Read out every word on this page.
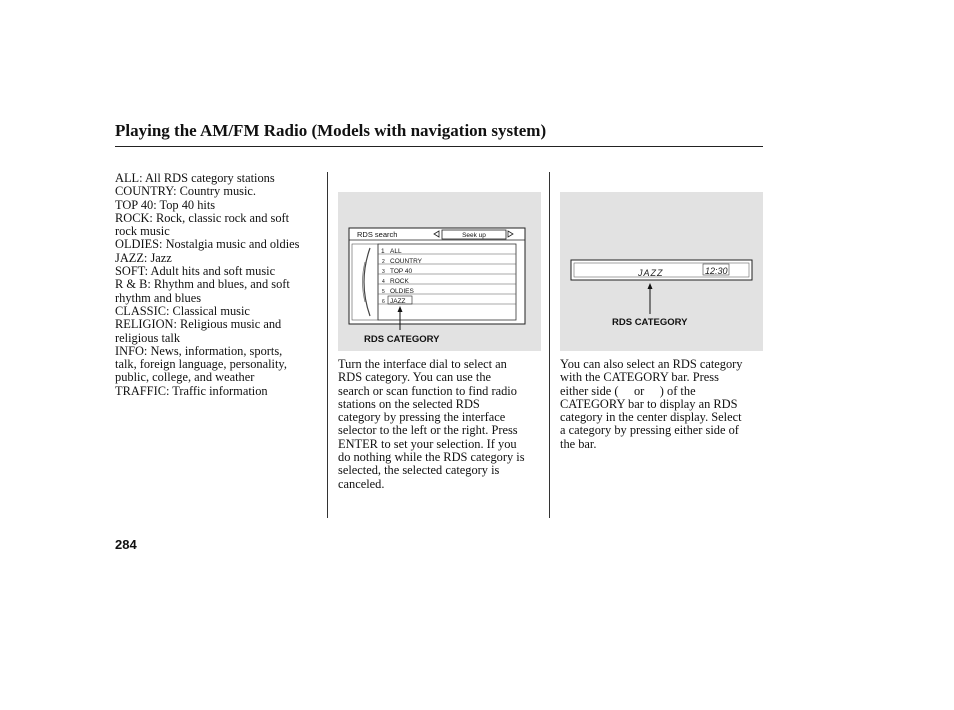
Playing the AM/FM Radio (Models with navigation system)
ALL: All RDS category stations
COUNTRY: Country music.
TOP 40: Top 40 hits
ROCK: Rock, classic rock and soft
rock music
OLDIES: Nostalgia music and oldies
JAZZ: Jazz
SOFT: Adult hits and soft music
R & B: Rhythm and blues, and soft
rhythm and blues
CLASSIC: Classical music
RELIGION: Religious music and
religious talk
INFO: News, information, sports,
talk, foreign language, personality,
public, college, and weather
TRAFFIC: Traffic information
RDS search	Seek up
1 ALL
2 COUNTRY
3 TOP 40
4 ROCK
5 OLDIES
6 JAZZ
RDS CATEGORY
JAZZ	12:30
RDS CATEGORY
Turn the interface dial to select an
RDS category. You can use the
search or scan function to find radio
stations on the selected RDS
category by pressing the interface
selector to the left or the right. Press
ENTER to set your selection. If you
do nothing while the RDS category is
selected, the selected category is
canceled.
You can also select an RDS category
with the CATEGORY bar. Press
either side (     or     ) of the
CATEGORY bar to display an RDS
category in the center display. Select
a category by pressing either side of
the bar.
284
